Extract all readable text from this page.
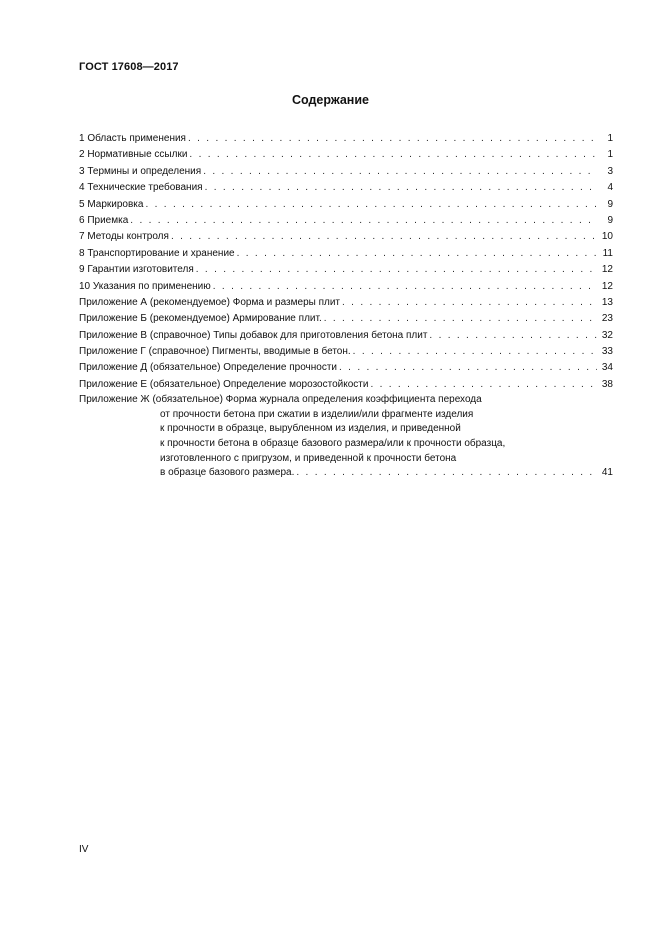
ГОСТ 17608—2017
Содержание
1 Область применения . . .	1
2 Нормативные ссылки . . .	1
3 Термины и определения . . .	3
4 Технические требования . . .	4
5 Маркировка . . .	9
6 Приемка . . .	9
7 Методы контроля . . .	10
8 Транспортирование и хранение . . .	11
9 Гарантии изготовителя . . .	12
10 Указания по применению . . .	12
Приложение А (рекомендуемое) Форма и размеры плит . . .	13
Приложение Б (рекомендуемое) Армирование плит. . . .	23
Приложение В (справочное) Типы добавок для приготовления бетона плит . . .	32
Приложение Г (справочное) Пигменты, вводимые в бетон. . . .	33
Приложение Д (обязательное) Определение прочности . . .	34
Приложение Е (обязательное) Определение морозостойкости . . .	38
Приложение Ж (обязательное) Форма журнала определения коэффициента перехода
от прочности бетона при сжатии в изделии/или фрагменте изделия
к прочности в образце, вырубленном из изделия, и приведенной
к прочности бетона в образце базового размера/или к прочности образца,
изготовленного с пригрузом, и приведенной к прочности бетона
в образце базового размера. . . .	41
IV
